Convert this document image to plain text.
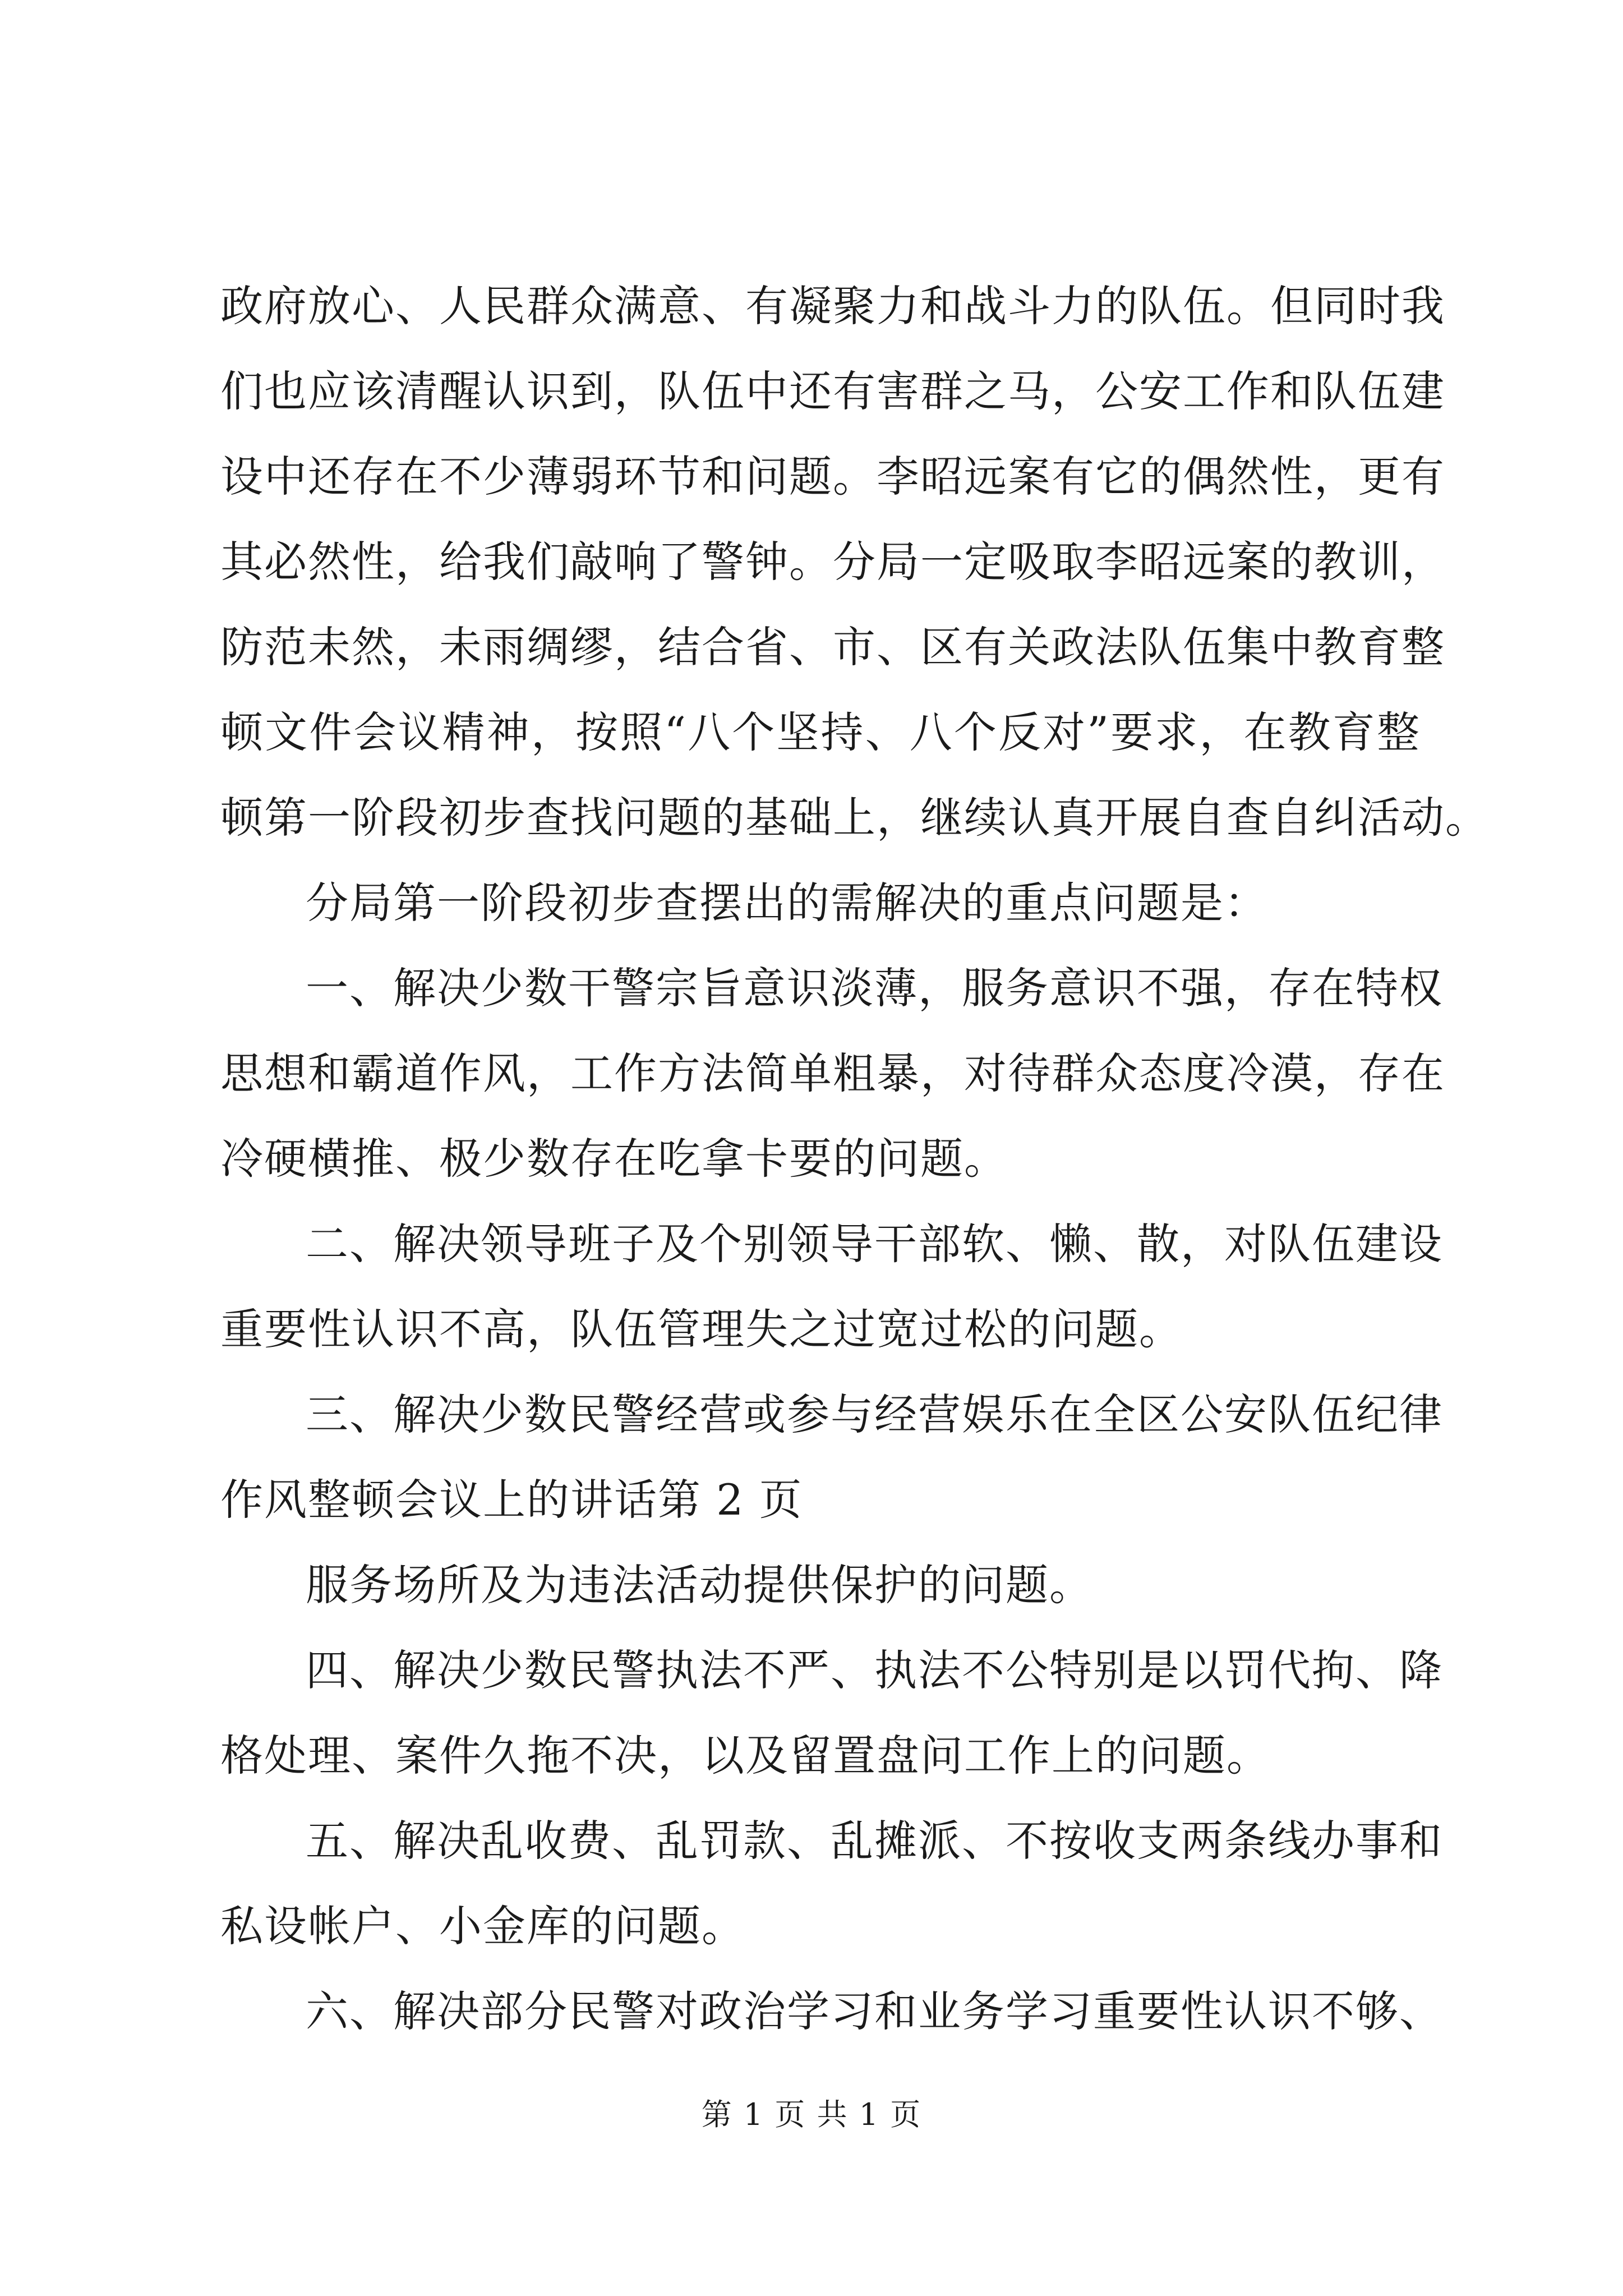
政府放心、人民群众满意、有凝聚力和战斗力的队伍。但同时我
们也应该清醒认识到，队伍中还有害群之马，公安工作和队伍建
设中还存在不少薄弱环节和问题。李昭远案有它的偶然性，更有
其必然性，给我们敲响了警钟。分局一定吸取李昭远案的教训，
防范未然，未雨绸缪，结合省、市、区有关政法队伍集中教育整
顿文件会议精神，按照“八个坚持、八个反对”要求，在教育整
顿第一阶段初步查找问题的基础上，继续认真开展自查自纠活动。
分局第一阶段初步查摆出的需解决的重点问题是：
一、解决少数干警宗旨意识淡薄，服务意识不强，存在特权
思想和霸道作风，工作方法简单粗暴，对待群众态度冷漠，存在
冷硬横推、极少数存在吃拿卡要的问题。
二、解决领导班子及个别领导干部软、懒、散，对队伍建设
重要性认识不高，队伍管理失之过宽过松的问题。
三、解决少数民警经营或参与经营娱乐在全区公安队伍纪律
作风整顿会议上的讲话第 2 页
服务场所及为违法活动提供保护的问题。
四、解决少数民警执法不严、执法不公特别是以罚代拘、降
格处理、案件久拖不决，以及留置盘问工作上的问题。
五、解决乱收费、乱罚款、乱摊派、不按收支两条线办事和
私设帐户、小金库的问题。
六、解决部分民警对政治学习和业务学习重要性认识不够、
第 1 页 共 1 页
